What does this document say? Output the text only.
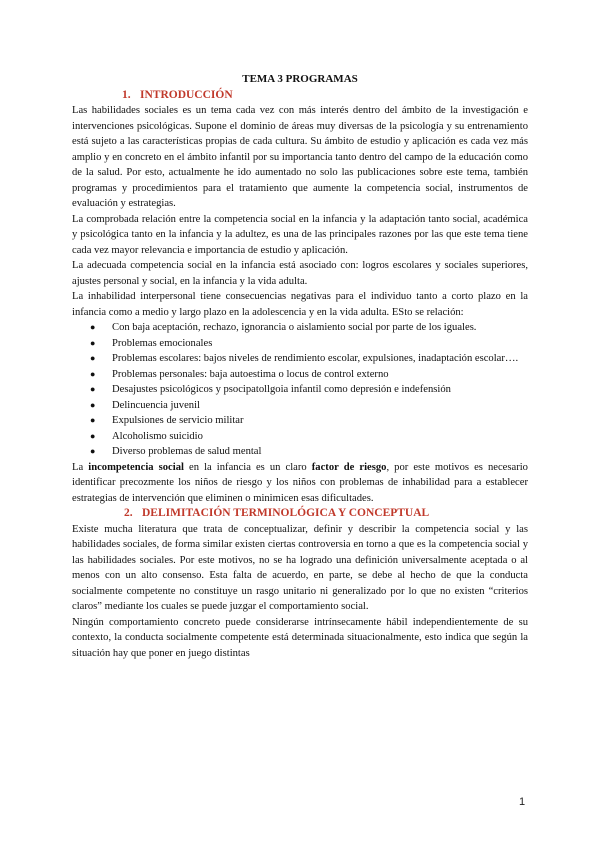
TEMA 3 PROGRAMAS
1. INTRODUCCIÓN

Las habilidades sociales es un tema cada vez con más interés dentro del ámbito de la investigación e intervenciones psicológicas. Supone el dominio de áreas muy diversas de la psicología y su entrenamiento está sujeto a las características propias de cada cultura. Su ámbito de estudio y aplicación es cada vez más amplio y en concreto en el ámbito infantil por su importancia tanto dentro del campo de la educación como de la salud. Por esto, actualmente he ido aumentado no solo las publicaciones sobre este tema, también programas y procedimientos para el tratamiento que aumente la competencia social, instrumentos de evaluación y estrategias.

La comprobada relación entre la competencia social en la infancia y la adaptación tanto social, académica y psicológica tanto en la infancia y la adultez, es una de las principales razones por las que este tema tiene cada vez mayor relevancia e importancia de estudio y aplicación.

La adecuada competencia social en la infancia está asociado con: logros escolares y sociales superiores, ajustes personal y social, en la infancia y la vida adulta.

La inhabilidad interpersonal tiene consecuencias negativas para el individuo tanto a corto plazo en la infancia como a medio y largo plazo en la adolescencia y en la vida adulta. ESto se relación:

●	Con baja aceptación, rechazo, ignorancia o aislamiento social por parte de los iguales.
●	Problemas emocionales
●	Problemas escolares: bajos niveles de rendimiento escolar, expulsiones, inadaptación escolar….
●	Problemas personales: baja autoestima o locus de control externo
●	Desajustes psicológicos y psocipatollgoia infantil como depresión e indefensión
●	Delincuencia juvenil
●	Expulsiones de servicio militar
●	Alcoholismo suicidio
●	Diverso problemas de salud mental

La incompetencia social en la infancia es un claro factor de riesgo, por este motivos es necesario identificar precozmente los niños de riesgo y los niños con problemas de inhabilidad para a establecer estrategias de intervención que eliminen o minimicen esas dificultades.

2. DELIMITACIÓN TERMINOLÓGICA Y CONCEPTUAL

Existe mucha literatura que trata de conceptualizar, definir y describir la competencia social y las habilidades sociales, de forma similar existen ciertas controversia en torno a que es la competencia social y las habilidades sociales. Por este motivos, no se ha logrado una definición universalmente aceptada o al menos con un alto consenso. Esta falta de acuerdo, en parte, se debe al hecho de que la conducta socialmente competente no constituye un rasgo unitario ni generalizado por lo que no existen “criterios claros” mediante los cuales se puede juzgar el comportamiento social.

Ningún comportamiento concreto puede considerarse intrínsecamente hábil independientemente de su contexto, la conducta socialmente competente está determinada situacionalmente, esto indica que según la situación hay que poner en juego distintas

1
